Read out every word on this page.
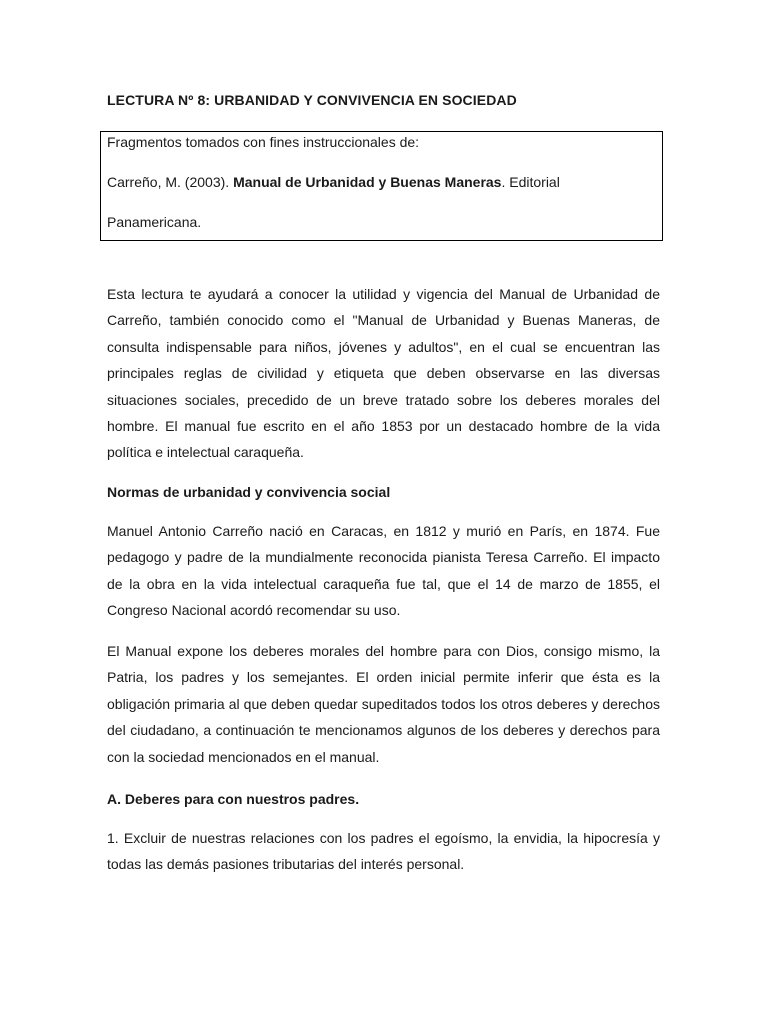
LECTURA Nº 8: URBANIDAD Y CONVIVENCIA EN SOCIEDAD
Fragmentos tomados con fines instruccionales de:
Carreño, M. (2003). Manual de Urbanidad y Buenas Maneras. Editorial
Panamericana.

Esta lectura te ayudará a conocer la utilidad y vigencia del Manual de Urbanidad de Carreño, también conocido como el "Manual de Urbanidad y Buenas Maneras, de consulta indispensable para niños, jóvenes y adultos", en el cual se encuentran las principales reglas de civilidad y etiqueta que deben observarse en las diversas situaciones sociales, precedido de un breve tratado sobre los deberes morales del hombre. El manual fue escrito en el año 1853 por un destacado hombre de la vida política e intelectual caraqueña.

Normas de urbanidad y convivencia social

Manuel Antonio Carreño nació en Caracas, en 1812 y murió en París, en 1874. Fue pedagogo y padre de la mundialmente reconocida pianista Teresa Carreño. El impacto de la obra en la vida intelectual caraqueña fue tal, que el 14 de marzo de 1855, el Congreso Nacional acordó recomendar su uso.

El Manual expone los deberes morales del hombre para con Dios, consigo mismo, la Patria, los padres y los semejantes. El orden inicial permite inferir que ésta es la obligación primaria al que deben quedar supeditados todos los otros deberes y derechos del ciudadano, a continuación te mencionamos algunos de los deberes y derechos para con la sociedad mencionados en el manual.

A. Deberes para con nuestros padres.

1. Excluir de nuestras relaciones con los padres el egoísmo, la envidia, la hipocresía y todas las demás pasiones tributarias del interés personal.
